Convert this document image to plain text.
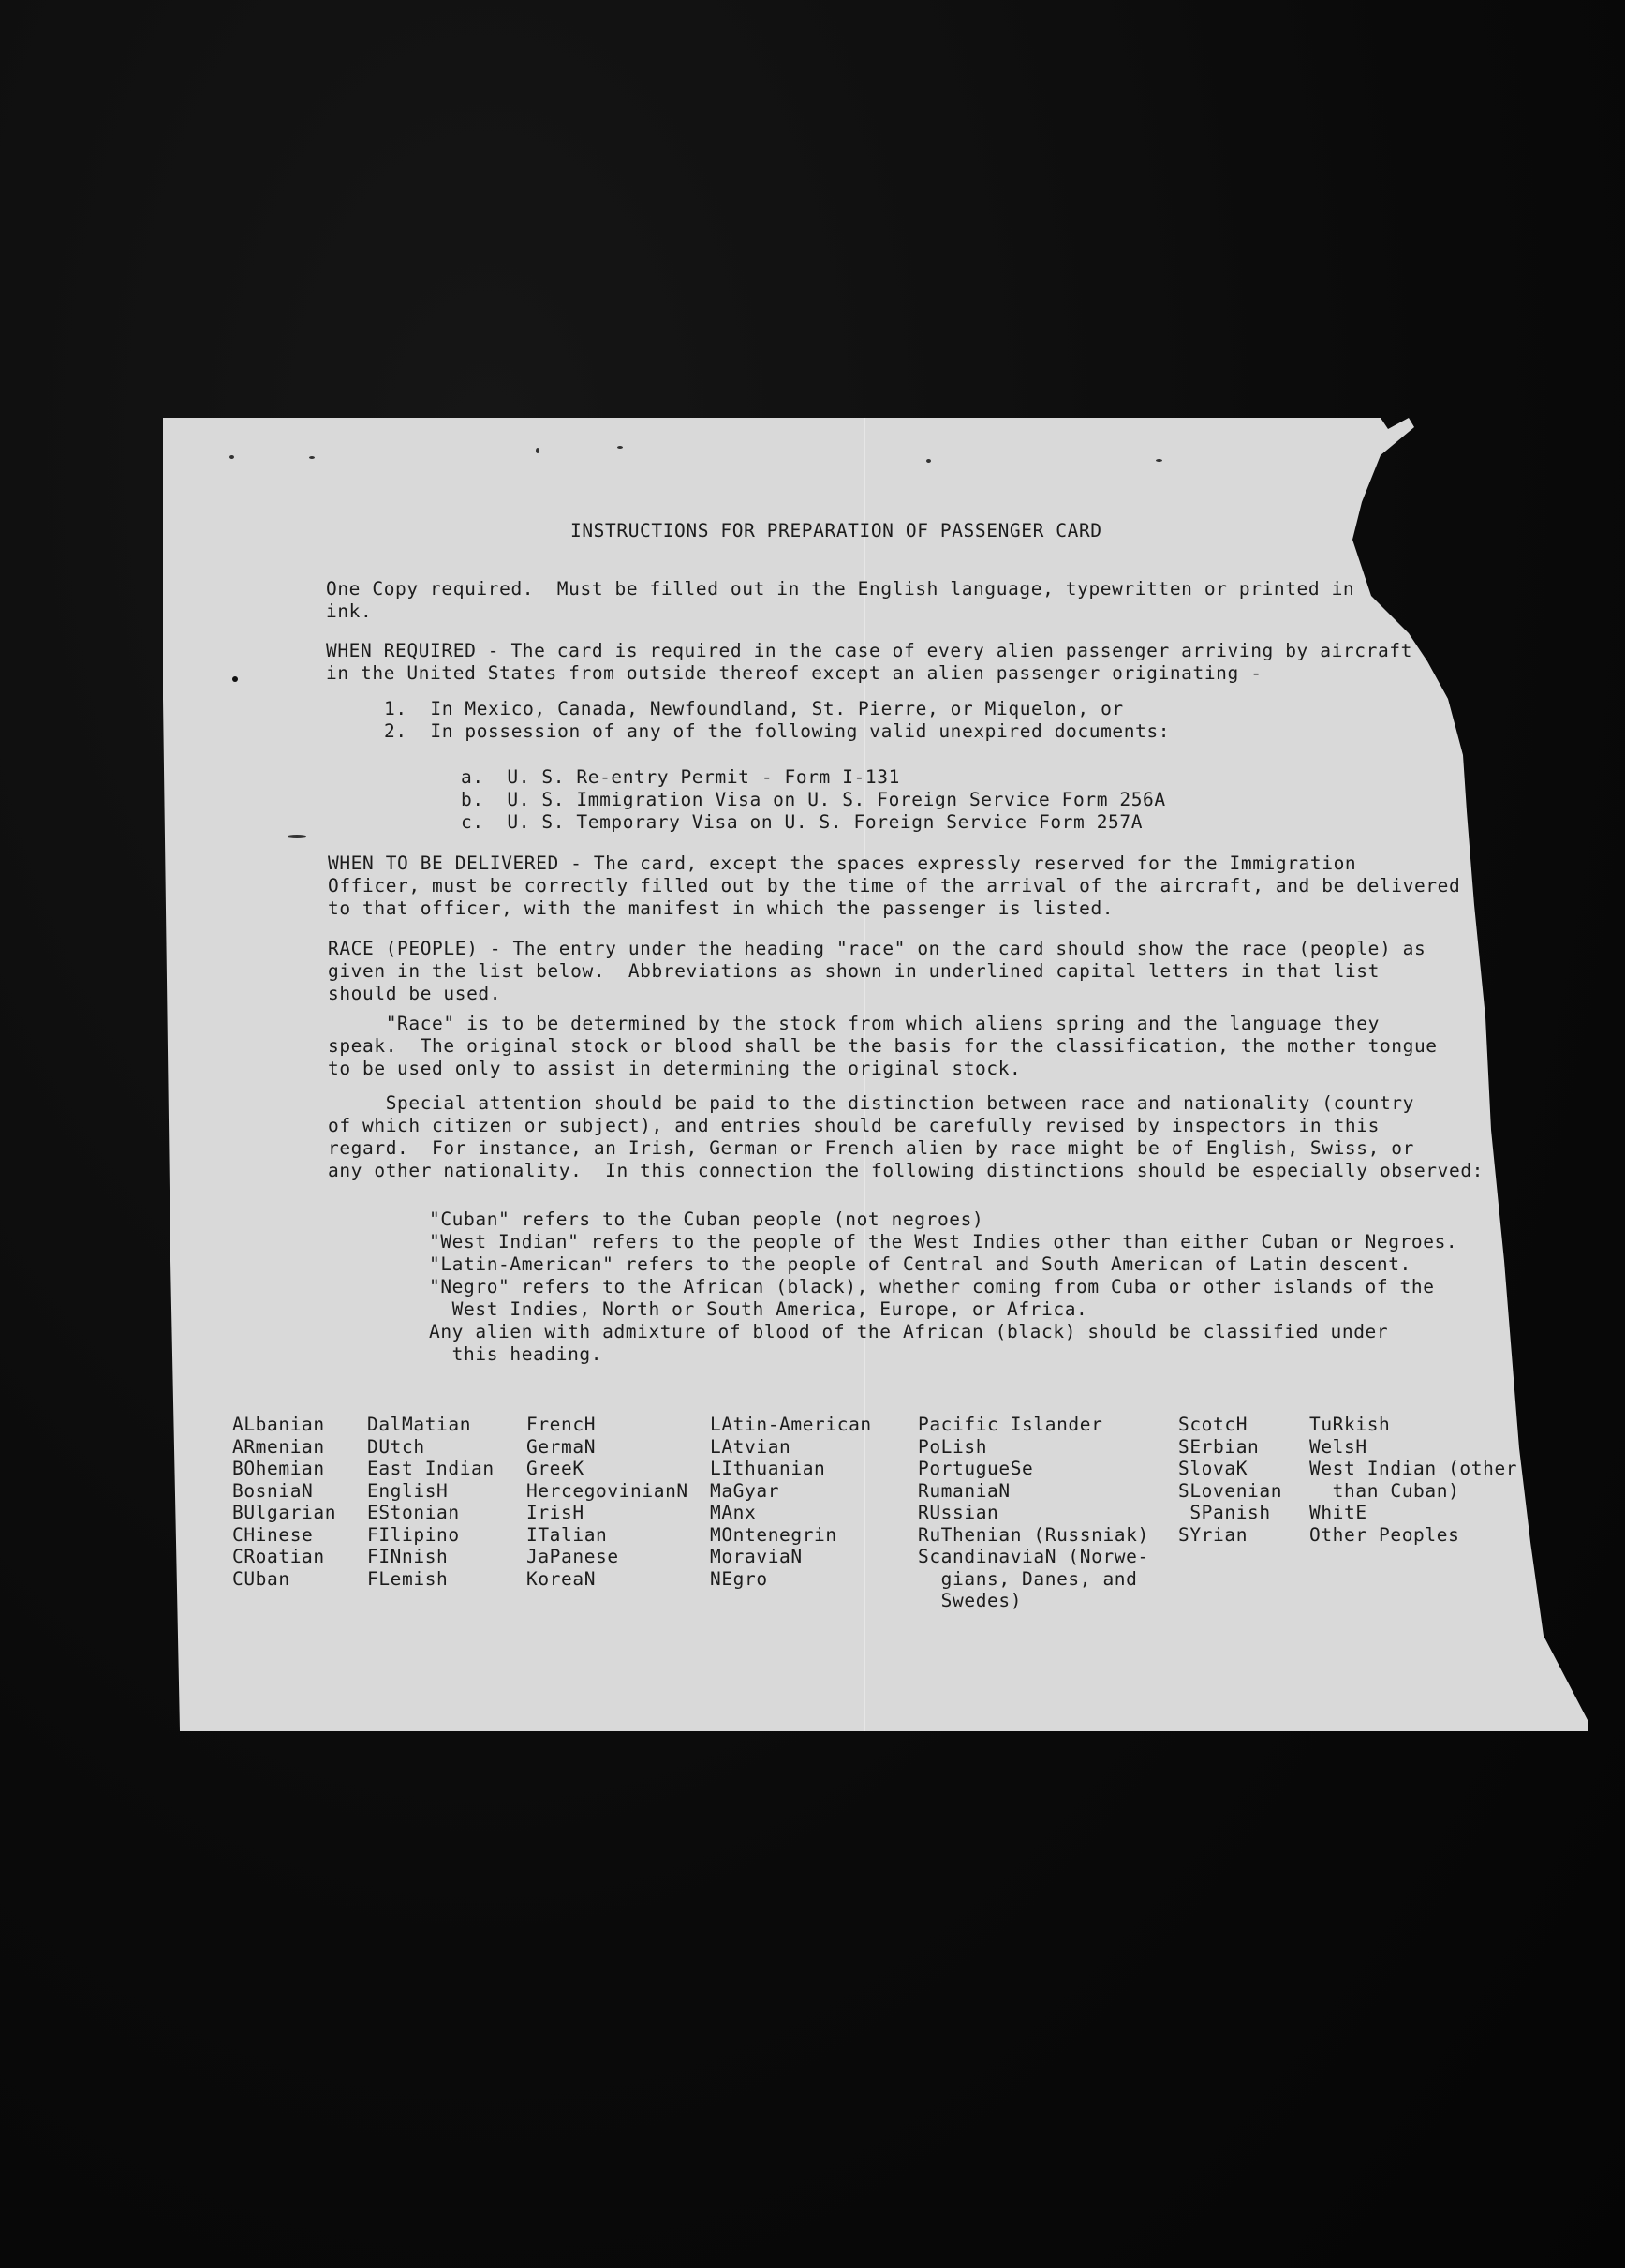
INSTRUCTIONS FOR PREPARATION OF PASSENGER CARD
One Copy required.  Must be filled out in the English language, typewritten or printed in
ink.
WHEN REQUIRED - The card is required in the case of every alien passenger arriving by aircraft
in the United States from outside thereof except an alien passenger originating -
1.  In Mexico, Canada, Newfoundland, St. Pierre, or Miquelon, or
2.  In possession of any of the following valid unexpired documents:
a.  U. S. Re-entry Permit - Form I-131
b.  U. S. Immigration Visa on U. S. Foreign Service Form 256A
c.  U. S. Temporary Visa on U. S. Foreign Service Form 257A
WHEN TO BE DELIVERED - The card, except the spaces expressly reserved for the Immigration
Officer, must be correctly filled out by the time of the arrival of the aircraft, and be delivered
to that officer, with the manifest in which the passenger is listed.
RACE (PEOPLE) - The entry under the heading "race" on the card should show the race (people) as
given in the list below.  Abbreviations as shown in underlined capital letters in that list
should be used.
"Race" is to be determined by the stock from which aliens spring and the language they
speak.  The original stock or blood shall be the basis for the classification, the mother tongue
to be used only to assist in determining the original stock.
Special attention should be paid to the distinction between race and nationality (country
of which citizen or subject), and entries should be carefully revised by inspectors in this
regard.  For instance, an Irish, German or French alien by race might be of English, Swiss, or
any other nationality.  In this connection the following distinctions should be especially observed:
"Cuban" refers to the Cuban people (not negroes)
"West Indian" refers to the people of the West Indies other than either Cuban or Negroes.
"Latin-American" refers to the people of Central and South American of Latin descent.
"Negro" refers to the African (black), whether coming from Cuba or other islands of the
West Indies, North or South America, Europe, or Africa.
Any alien with admixture of blood of the African (black) should be classified under
this heading.
ALbanian
ARmenian
BOhemian
BosniaN
BUlgarian
CHinese
CRoatian
CUban
DalMatian
DUtch
East Indian
EnglisH
EStonian
FIlipino
FINnish
FLemish
FrencH
GermaN
GreeK
HercegovinianN
IrisH
ITalian
JaPanese
KoreaN
LAtin-American
LAtvian
LIthuanian
MaGyar
MAnx
MOntenegrin
MoraviaN
NEgro
Pacific Islander
PoLish
PortugueSe
RumaniaN
RUssian
RuThenian (Russniak)
ScandinaviaN (Norwe-
gians, Danes, and
Swedes)
ScotcH
SErbian
SlovaK
SLovenian
SPanish
SYrian
TuRkish
WelsH
West Indian (other
than Cuban)
WhitE
Other Peoples
